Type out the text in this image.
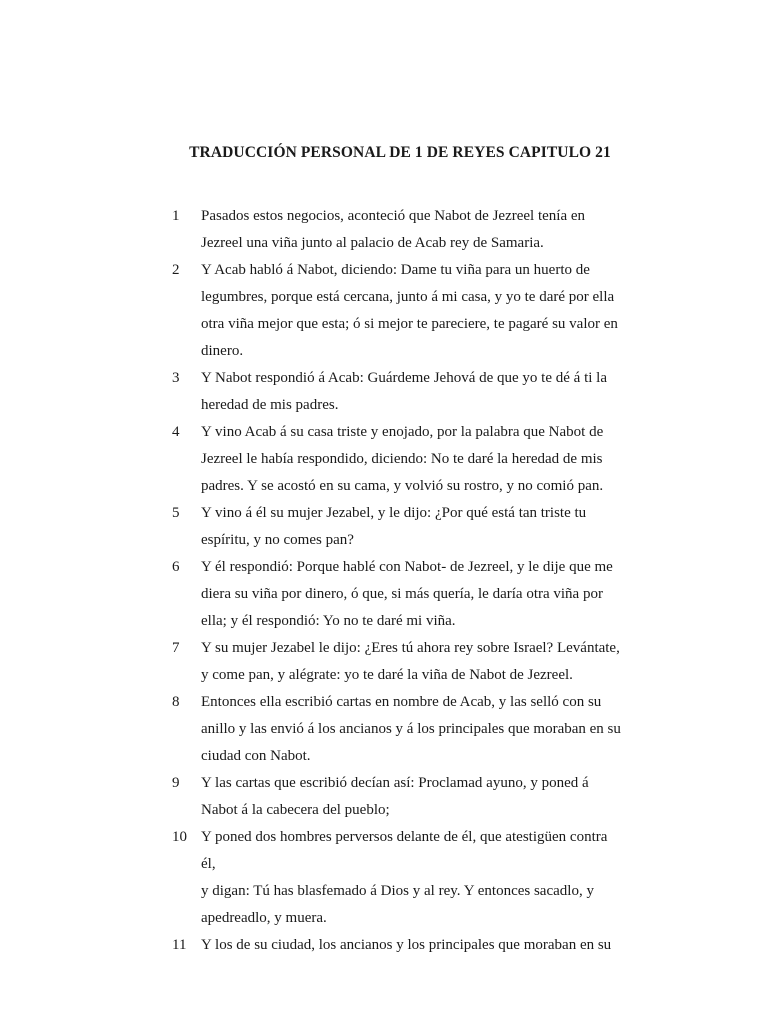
TRADUCCIÓN PERSONAL DE 1 DE REYES CAPITULO 21
1	Pasados estos negocios, aconteció que Nabot de Jezreel tenía en
Jezreel una viña junto al palacio de Acab rey de Samaria.
2	Y Acab habló á Nabot, diciendo: Dame tu viña para un huerto de
legumbres, porque está cercana, junto á mi casa, y yo te daré por ella
otra viña mejor que esta; ó si mejor te pareciere, te pagaré su valor en
dinero.
3	Y Nabot respondió á Acab: Guárdeme Jehová de que yo te dé á ti la
heredad de mis padres.
4	Y vino Acab á su casa triste y enojado, por la palabra que Nabot de
Jezreel le había respondido, diciendo: No te daré la heredad de mis
padres. Y se acostó en su cama, y volvió su rostro, y no comió pan.
5	Y vino á él su mujer Jezabel, y le dijo: ¿Por qué está tan triste tu
espíritu, y no comes pan?
6	Y él respondió: Porque hablé con Nabot- de Jezreel, y le dije que me
diera su viña por dinero, ó que, si más quería, le daría otra viña por
ella; y él respondió: Yo no te daré mi viña.
7	Y su mujer Jezabel le dijo: ¿Eres tú ahora rey sobre Israel? Levántate,
y come pan, y alégrate: yo te daré la viña de Nabot de Jezreel.
8	Entonces ella escribió cartas en nombre de Acab, y las selló con su
anillo y las envió á los ancianos y á los principales que moraban en su
ciudad con Nabot.
9	Y las cartas que escribió decían así: Proclamad ayuno, y poned á
Nabot á la cabecera del pueblo;
10 Y poned dos hombres perversos delante de él, que atestigüen contra él,
y digan: Tú has blasfemado á Dios y al rey. Y entonces sacadlo, y
apedreadlo, y muera.
11 Y los de su ciudad, los ancianos y los principales que moraban en su
